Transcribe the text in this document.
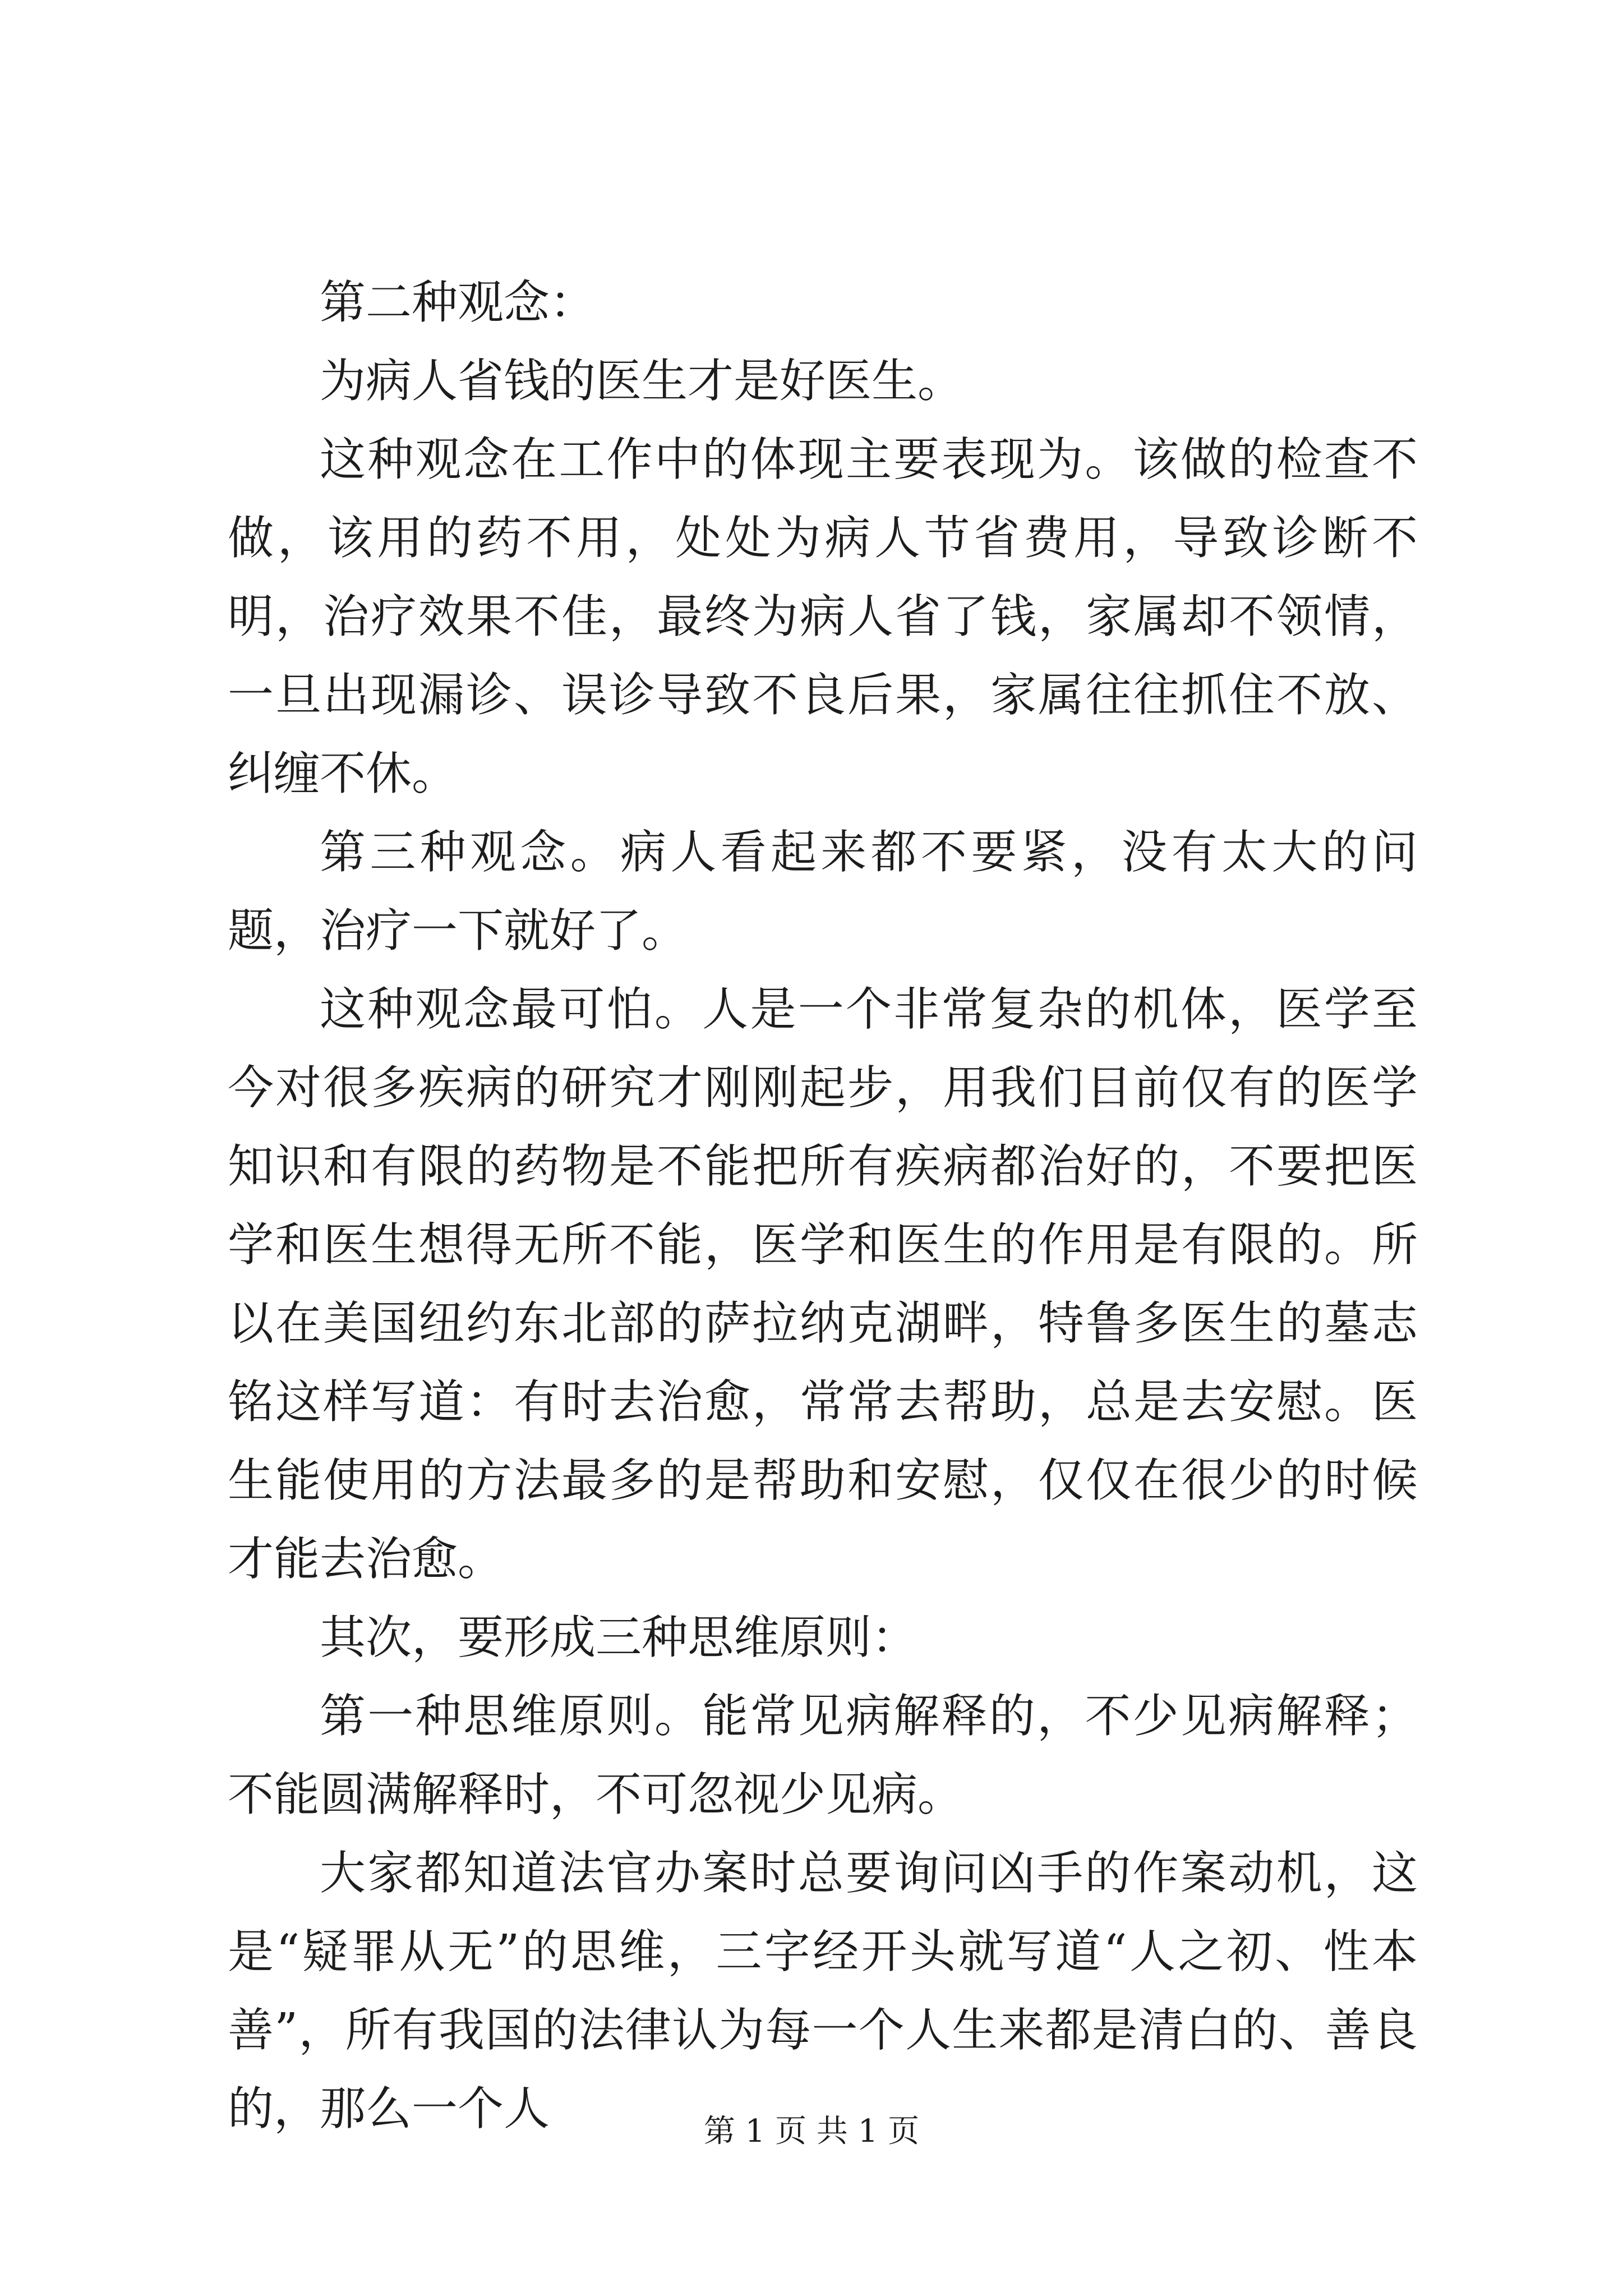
第二种观念：

为病人省钱的医生才是好医生。

这种观念在工作中的体现主要表现为。该做的检查不做，该用的药不用，处处为病人节省费用，导致诊断不明，治疗效果不佳，最终为病人省了钱，家属却不领情，一旦出现漏诊、误诊导致不良后果，家属往往抓住不放、纠缠不休。

第三种观念。病人看起来都不要紧，没有太大的问题，治疗一下就好了。

这种观念最可怕。人是一个非常复杂的机体，医学至今对很多疾病的研究才刚刚起步，用我们目前仅有的医学知识和有限的药物是不能把所有疾病都治好的，不要把医学和医生想得无所不能，医学和医生的作用是有限的。所以在美国纽约东北部的萨拉纳克湖畔，特鲁多医生的墓志铭这样写道：有时去治愈，常常去帮助，总是去安慰。医生能使用的方法最多的是帮助和安慰，仅仅在很少的时候才能去治愈。

其次，要形成三种思维原则：

第一种思维原则。能常见病解释的，不少见病解释；不能圆满解释时，不可忽视少见病。

大家都知道法官办案时总要询问凶手的作案动机，这是“疑罪从无”的思维，三字经开头就写道“人之初、性本善”，所有我国的法律认为每一个人生来都是清白的、善良的，那么一个人	第 1 页 共 1 页
